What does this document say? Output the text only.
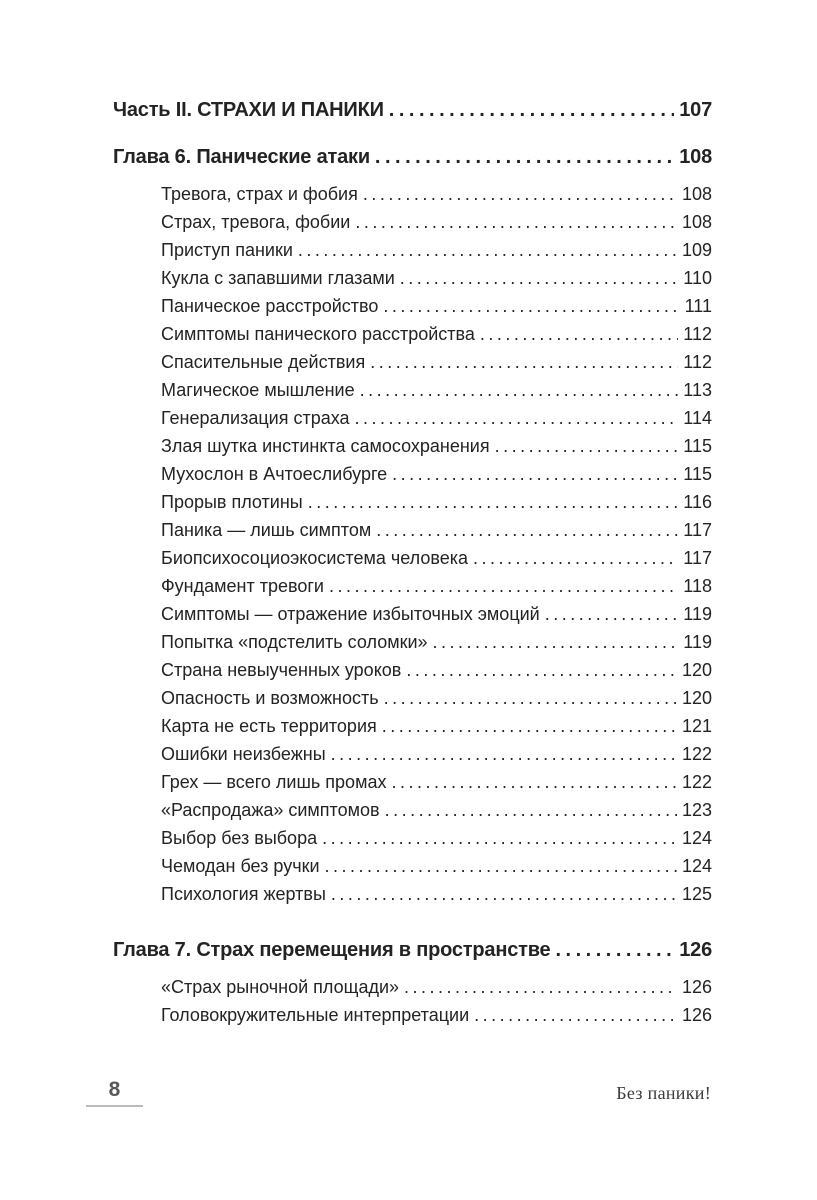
Часть II. СТРАХИ И ПАНИКИ .....	107
Глава 6. Панические атаки .....	108
Тревога, страх и фобия .....	108
Страх, тревога, фобии .....	108
Приступ паники .....	109
Кукла с запавшими глазами .....	110
Паническое расстройство .....	111
Симптомы панического расстройства .....	112
Спасительные действия .....	112
Магическое мышление .....	113
Генерализация страха .....	114
Злая шутка инстинкта самосохранения .....	115
Мухослон в Ачтоеслибурге .....	115
Прорыв плотины .....	116
Паника — лишь симптом .....	117
Биопсихосоциоэкосистема человека .....	117
Фундамент тревоги .....	118
Симптомы — отражение избыточных эмоций .....	119
Попытка «подстелить соломки» .....	119
Страна невыученных уроков .....	120
Опасность и возможность .....	120
Карта не есть территория .....	121
Ошибки неизбежны .....	122
Грех — всего лишь промах .....	122
«Распродажа» симптомов .....	123
Выбор без выбора .....	124
Чемодан без ручки .....	124
Психология жертвы .....	125
Глава 7. Страх перемещения в пространстве .....	126
«Страх рыночной площади» .....	126
Головокружительные интерпретации .....	126
8	Без паники!
